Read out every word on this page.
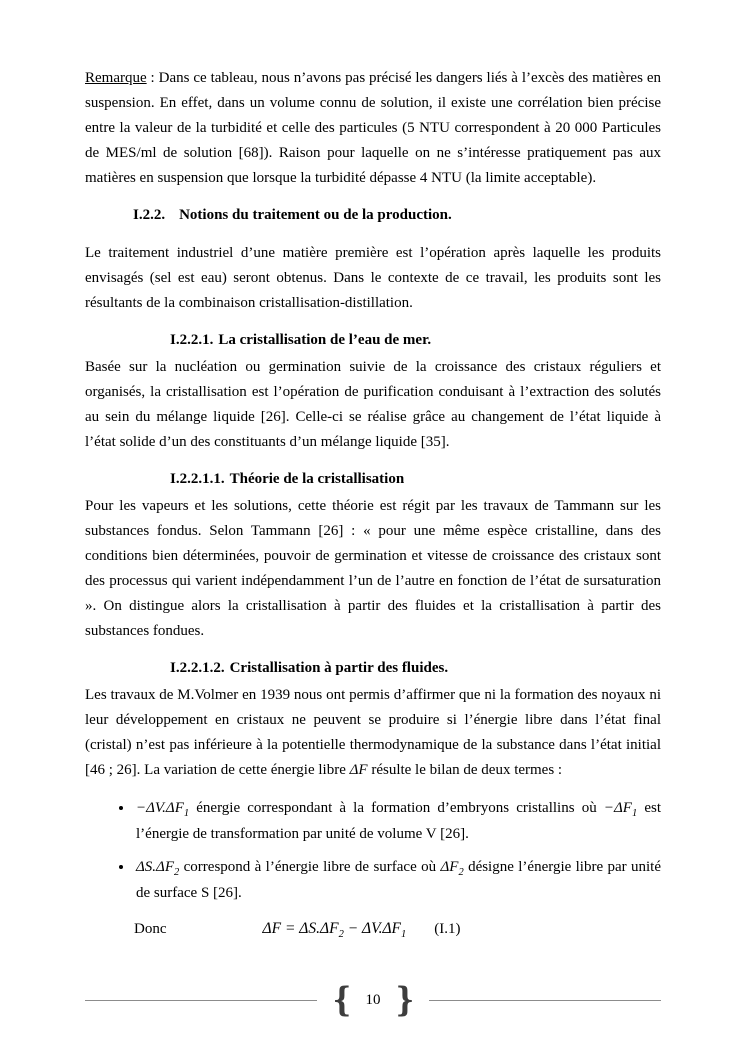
Remarque : Dans ce tableau, nous n’avons pas précisé les dangers liés à l’excès des matières en suspension. En effet, dans un volume connu de solution, il existe une corrélation bien précise entre la valeur de la turbidité et celle des particules (5 NTU correspondent à 20 000 Particules de MES/ml de solution [68]). Raison pour laquelle on ne s’intéresse pratiquement pas aux matières en suspension que lorsque la turbidité dépasse 4 NTU (la limite acceptable).

I.2.2. Notions du traitement ou de la production.

Le traitement industriel d’une matière première est l’opération après laquelle les produits envisagés (sel est eau) seront obtenus. Dans le contexte de ce travail, les produits sont les résultants de la combinaison cristallisation-distillation.

I.2.2.1. La cristallisation de l’eau de mer.

Basée sur la nucléation ou germination suivie de la croissance des cristaux réguliers et organisés, la cristallisation est l’opération de purification conduisant à l’extraction des solutés au sein du mélange liquide [26]. Celle-ci se réalise grâce au changement de l’état liquide à l’état solide d’un des constituants d’un mélange liquide [35].

I.2.2.1.1. Théorie de la cristallisation

Pour les vapeurs et les solutions, cette théorie est régit par les travaux de Tammann sur les substances fondus. Selon Tammann [26] : « pour une même espèce cristalline, dans des conditions bien déterminées, pouvoir de germination et vitesse de croissance des cristaux sont des processus qui varient indépendamment l’un de l’autre en fonction de l’état de sursaturation ». On distingue alors la cristallisation à partir des fluides et la cristallisation à partir des substances fondues.

I.2.2.1.2. Cristallisation à partir des fluides.

Les travaux de M.Volmer en 1939 nous ont permis d’affirmer que ni la formation des noyaux ni leur développement en cristaux ne peuvent se produire si l’énergie libre dans l’état final (cristal) n’est pas inférieure à la potentielle thermodynamique de la substance dans l’état initial [46 ; 26]. La variation de cette énergie libre ΔF résulte le bilan de deux termes :

• $-\Delta V.\Delta F_1$ énergie correspondant à la formation d’embryons cristallins où $-\Delta F_1$ est l’énergie de transformation par unité de volume V [26].
• $\Delta S.\Delta F_2$ correspond à l’énergie libre de surface où $\Delta F_2$ désigne l’énergie libre par unité de surface S [26].
Donc	$\Delta F = \Delta S.\Delta F_2 - \Delta V.\Delta F_1$ (I.1)
{ 10 }
